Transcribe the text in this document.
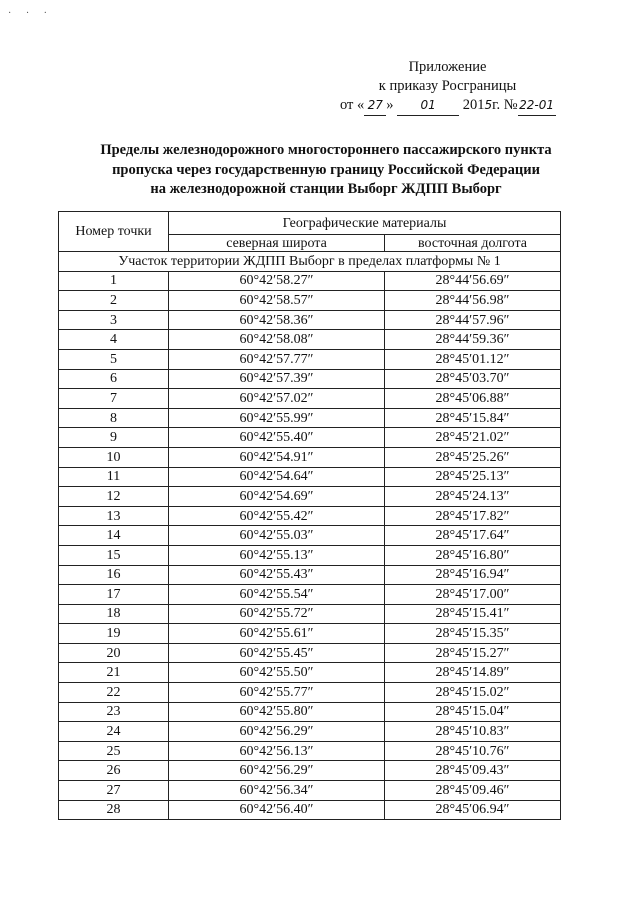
· · ·
Приложение
к приказу Росграницы
от « 27 » 01 2015г. № 22-01
Пределы железнодорожного многостороннего пассажирского пункта
пропуска через государственную границу Российской Федерации
на железнодорожной станции Выборг ЖДПП Выборг
Номер точки	Географические материалы	
	северная широта	восточная долгота
Участок территории ЖДПП Выборг в пределах платформы № 1		
1	60°42′58.27″	28°44′56.69″
2	60°42′58.57″	28°44′56.98″
3	60°42′58.36″	28°44′57.96″
4	60°42′58.08″	28°44′59.36″
5	60°42′57.77″	28°45′01.12″
6	60°42′57.39″	28°45′03.70″
7	60°42′57.02″	28°45′06.88″
8	60°42′55.99″	28°45′15.84″
9	60°42′55.40″	28°45′21.02″
10	60°42′54.91″	28°45′25.26″
11	60°42′54.64″	28°45′25.13″
12	60°42′54.69″	28°45′24.13″
13	60°42′55.42″	28°45′17.82″
14	60°42′55.03″	28°45′17.64″
15	60°42′55.13″	28°45′16.80″
16	60°42′55.43″	28°45′16.94″
17	60°42′55.54″	28°45′17.00″
18	60°42′55.72″	28°45′15.41″
19	60°42′55.61″	28°45′15.35″
20	60°42′55.45″	28°45′15.27″
21	60°42′55.50″	28°45′14.89″
22	60°42′55.77″	28°45′15.02″
23	60°42′55.80″	28°45′15.04″
24	60°42′56.29″	28°45′10.83″
25	60°42′56.13″	28°45′10.76″
26	60°42′56.29″	28°45′09.43″
27	60°42′56.34″	28°45′09.46″
28	60°42′56.40″	28°45′06.94″
